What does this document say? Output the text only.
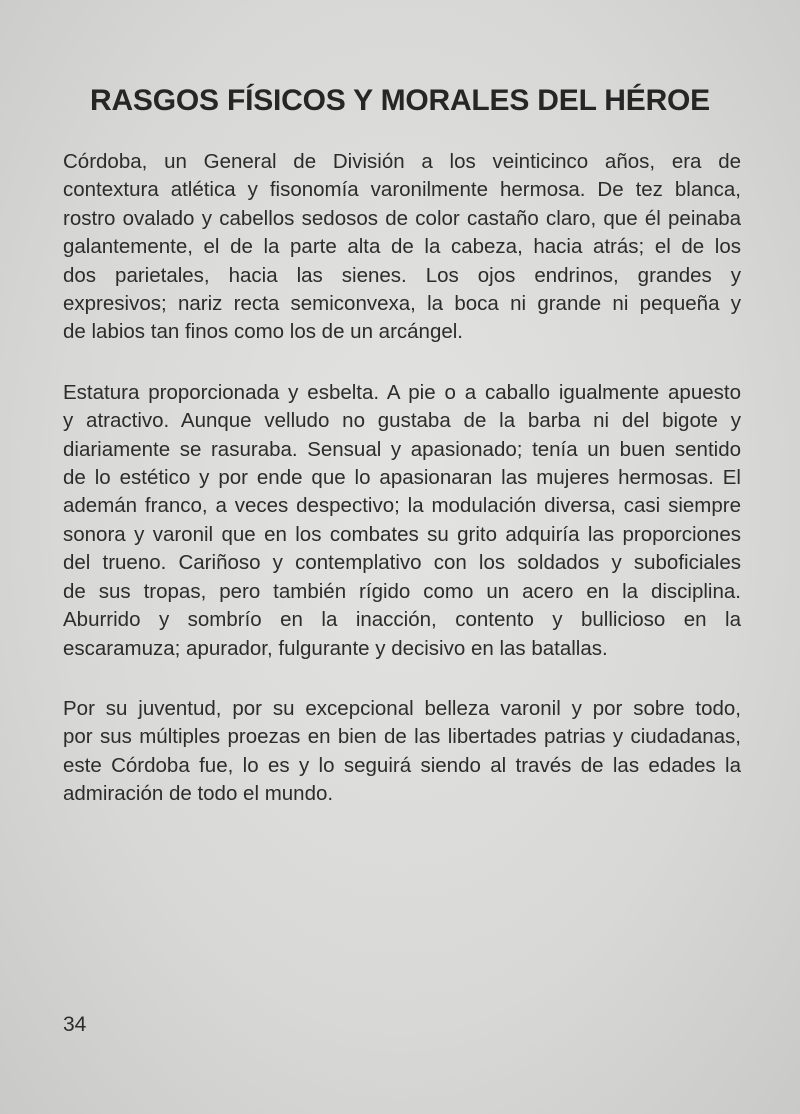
RASGOS FÍSICOS Y MORALES DEL HÉROE

Córdoba, un General de División a los veinticinco años, era de
contextura atlética y fisonomía varonilmente hermosa. De tez blanca,
rostro ovalado y cabellos sedosos de color castaño claro, que él peinaba
galantemente, el de la parte alta de la cabeza, hacia atrás; el de los
dos parietales, hacia las sienes. Los ojos endrinos, grandes y
expresivos; nariz recta semiconvexa, la boca ni grande ni pequeña y
de labios tan finos como los de un arcángel.

Estatura proporcionada y esbelta. A pie o a caballo igualmente apuesto
y atractivo. Aunque velludo no gustaba de la barba ni del bigote y
diariamente se rasuraba. Sensual y apasionado; tenía un buen sentido
de lo estético y por ende que lo apasionaran las mujeres hermosas. El
ademán franco, a veces despectivo; la modulación diversa, casi siempre
sonora y varonil que en los combates su grito adquiría las proporciones
del trueno. Cariñoso y contemplativo con los soldados y suboficiales
de sus tropas, pero también rígido como un acero en la disciplina.
Aburrido y sombrío en la inacción, contento y bullicioso en la
escaramuza; apurador, fulgurante y decisivo en las batallas.

Por su juventud, por su excepcional belleza varonil y por sobre todo,
por sus múltiples proezas en bien de las libertades patrias y ciudadanas,
este Córdoba fue, lo es y lo seguirá siendo al través de las edades la
admiración de todo el mundo.

34
